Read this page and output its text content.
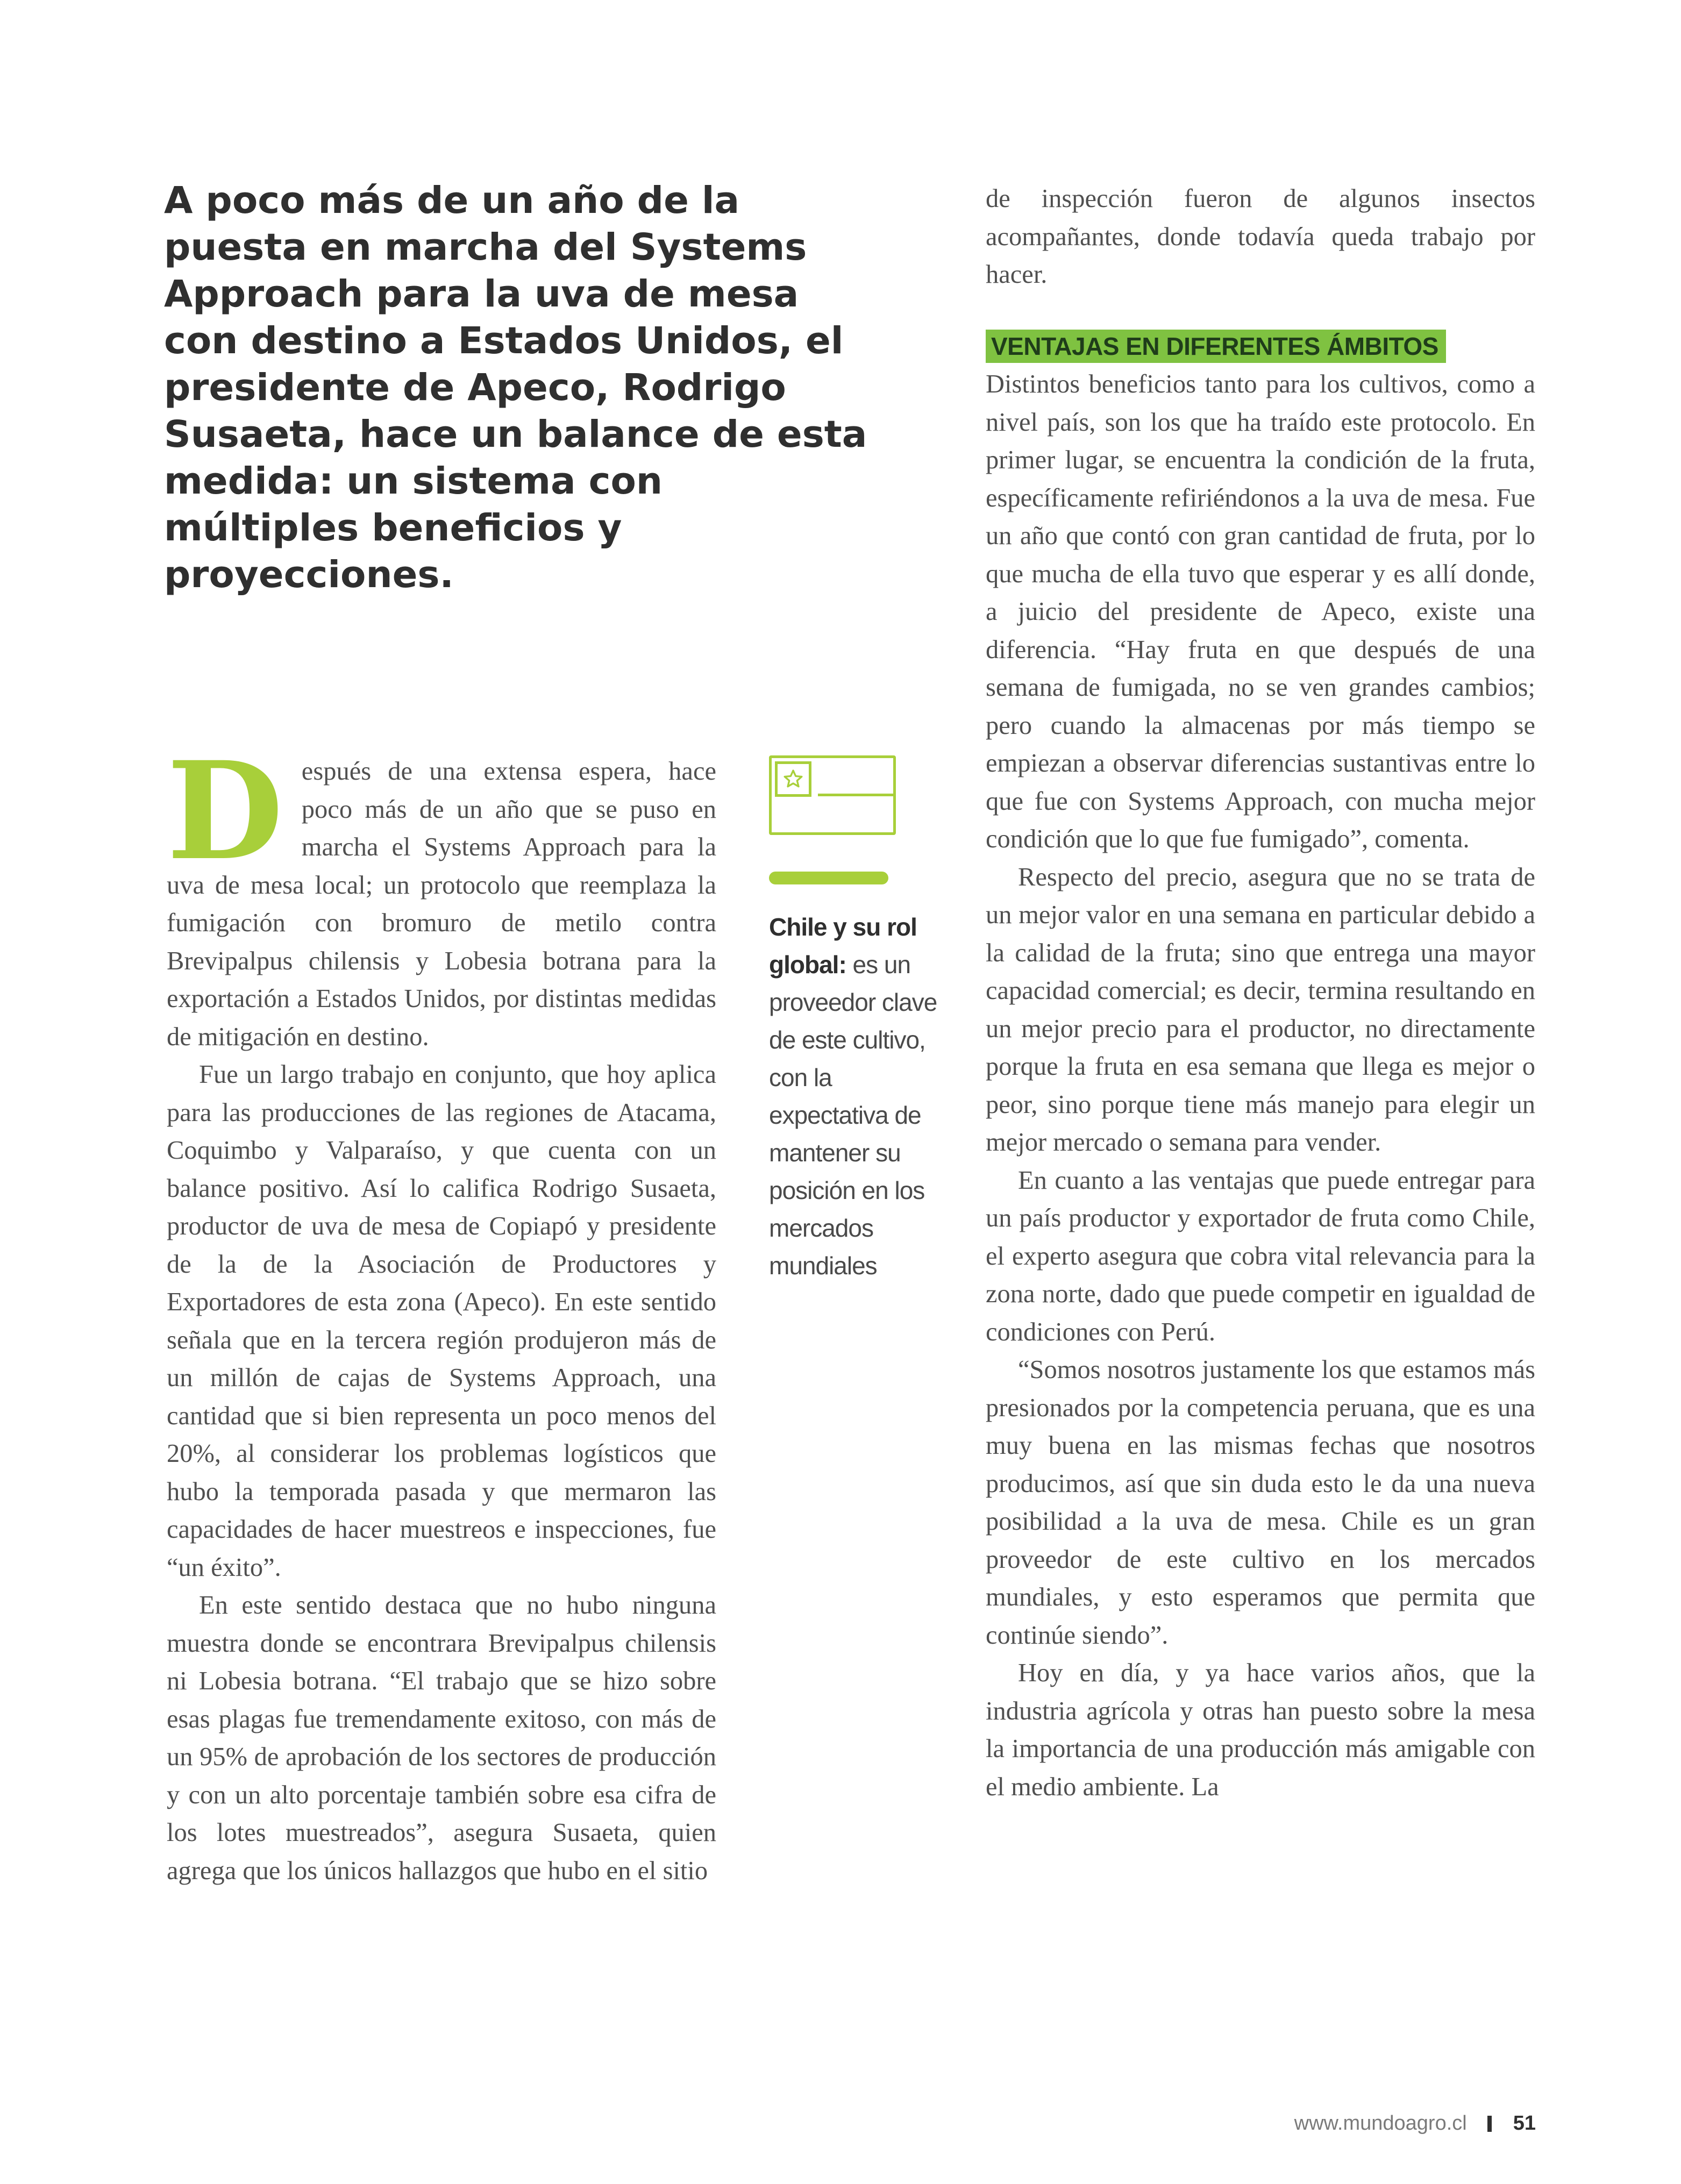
A poco más de un año de la puesta en marcha del Systems Approach para la uva de mesa con destino a Estados Unidos, el presidente de Apeco, Rodrigo Susaeta, hace un balance de esta medida: un sistema con múltiples beneficios y proyecciones.

Después de una extensa espera, hace poco más de un año que se puso en marcha el Systems Approach para la uva de mesa local; un protocolo que reemplaza la fumigación con bromuro de metilo contra Brevipalpus chilensis y Lobesia botrana para la exportación a Estados Unidos, por distintas medidas de mitigación en destino.

Fue un largo trabajo en conjunto, que hoy aplica para las producciones de las regiones de Atacama, Coquimbo y Valparaíso, y que cuenta con un balance positivo. Así lo califica Rodrigo Susaeta, productor de uva de mesa de Copiapó y presidente de la de la Asociación de Productores y Exportadores de esta zona (Apeco). En este sentido señala que en la tercera región produjeron más de un millón de cajas de Systems Approach, una cantidad que si bien representa un poco menos del 20%, al considerar los problemas logísticos que hubo la temporada pasada y que mermaron las capacidades de hacer muestreos e inspecciones, fue “un éxito”.

En este sentido destaca que no hubo ninguna muestra donde se encontrara Brevipalpus chilensis ni Lobesia botrana. “El trabajo que se hizo sobre esas plagas fue tremendamente exitoso, con más de un 95% de aprobación de los sectores de producción y con un alto porcentaje también sobre esa cifra de los lotes muestreados”, asegura Susaeta, quien agrega que los únicos hallazgos que hubo en el sitio

Chile y su rol global: es un proveedor clave de este cultivo, con la expectativa de mantener su posición en los mercados mundiales

de inspección fueron de algunos insectos acompañantes, donde todavía queda trabajo por hacer.

VENTAJAS EN DIFERENTES ÁMBITOS

Distintos beneficios tanto para los cultivos, como a nivel país, son los que ha traído este protocolo. En primer lugar, se encuentra la condición de la fruta, específicamente refiriéndonos a la uva de mesa. Fue un año que contó con gran cantidad de fruta, por lo que mucha de ella tuvo que esperar y es allí donde, a juicio del presidente de Apeco, existe una diferencia. “Hay fruta en que después de una semana de fumigada, no se ven grandes cambios; pero cuando la almacenas por más tiempo se empiezan a observar diferencias sustantivas entre lo que fue con Systems Approach, con mucha mejor condición que lo que fue fumigado”, comenta.

Respecto del precio, asegura que no se trata de un mejor valor en una semana en particular debido a la calidad de la fruta; sino que entrega una mayor capacidad comercial; es decir, termina resultando en un mejor precio para el productor, no directamente porque la fruta en esa semana que llega es mejor o peor, sino porque tiene más manejo para elegir un mejor mercado o semana para vender.

En cuanto a las ventajas que puede entregar para un país productor y exportador de fruta como Chile, el experto asegura que cobra vital relevancia para la zona norte, dado que puede competir en igualdad de condiciones con Perú.

“Somos nosotros justamente los que estamos más presionados por la competencia peruana, que es una muy buena en las mismas fechas que nosotros producimos, así que sin duda esto le da una nueva posibilidad a la uva de mesa. Chile es un gran proveedor de este cultivo en los mercados mundiales, y esto esperamos que permita que continúe siendo”.

Hoy en día, y ya hace varios años, que la industria agrícola y otras han puesto sobre la mesa la importancia de una producción más amigable con el medio ambiente. La

www.mundoagro.cl 51
